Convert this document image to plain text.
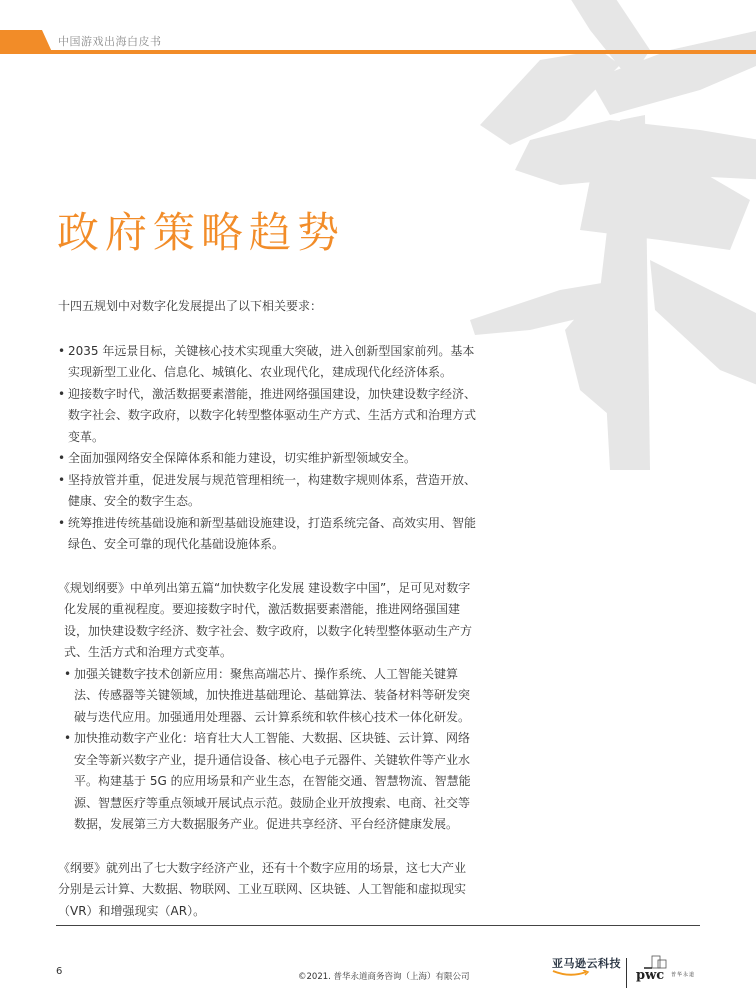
中国游戏出海白皮书
政府策略趋势

十四五规划中对数字化发展提出了以下相关要求：

• 2035 年远景目标，关键核心技术实现重大突破，进入创新型国家前列。基本实现新型工业化、信息化、城镇化、农业现代化，建成现代化经济体系。
• 迎接数字时代，激活数据要素潜能，推进网络强国建设，加快建设数字经济、数字社会、数字政府，以数字化转型整体驱动生产方式、生活方式和治理方式变革。
• 全面加强网络安全保障体系和能力建设，切实维护新型领域安全。
• 坚持放管并重，促进发展与规范管理相统一，构建数字规则体系，营造开放、健康、安全的数字生态。
• 统筹推进传统基础设施和新型基础设施建设，打造系统完备、高效实用、智能绿色、安全可靠的现代化基础设施体系。

《规划纲要》中单列出第五篇“加快数字化发展 建设数字中国”，足可见对数字化发展的重视程度。要迎接数字时代，激活数据要素潜能，推进网络强国建设，加快建设数字经济、数字社会、数字政府，以数字化转型整体驱动生产方式、生活方式和治理方式变革。

• 加强关键数字技术创新应用：聚焦高端芯片、操作系统、人工智能关键算法、传感器等关键领域，加快推进基础理论、基础算法、装备材料等研发突破与迭代应用。加强通用处理器、云计算系统和软件核心技术一体化研发。
• 加快推动数字产业化：培育壮大人工智能、大数据、区块链、云计算、网络安全等新兴数字产业，提升通信设备、核心电子元器件、关键软件等产业水平。构建基于 5G 的应用场景和产业生态，在智能交通、智慧物流、智慧能源、智慧医疗等重点领域开展试点示范。鼓励企业开放搜索、电商、社交等数据，发展第三方大数据服务产业。促进共享经济、平台经济健康发展。

《纲要》就列出了七大数字经济产业，还有十个数字应用的场景，这七大产业分别是云计算、大数据、物联网、工业互联网、区块链、人工智能和虚拟现实（VR）和增强现实（AR）。

6	©2021. 普华永道商务咨询（上海）有限公司
亚马逊云科技
pwc 普华永道
